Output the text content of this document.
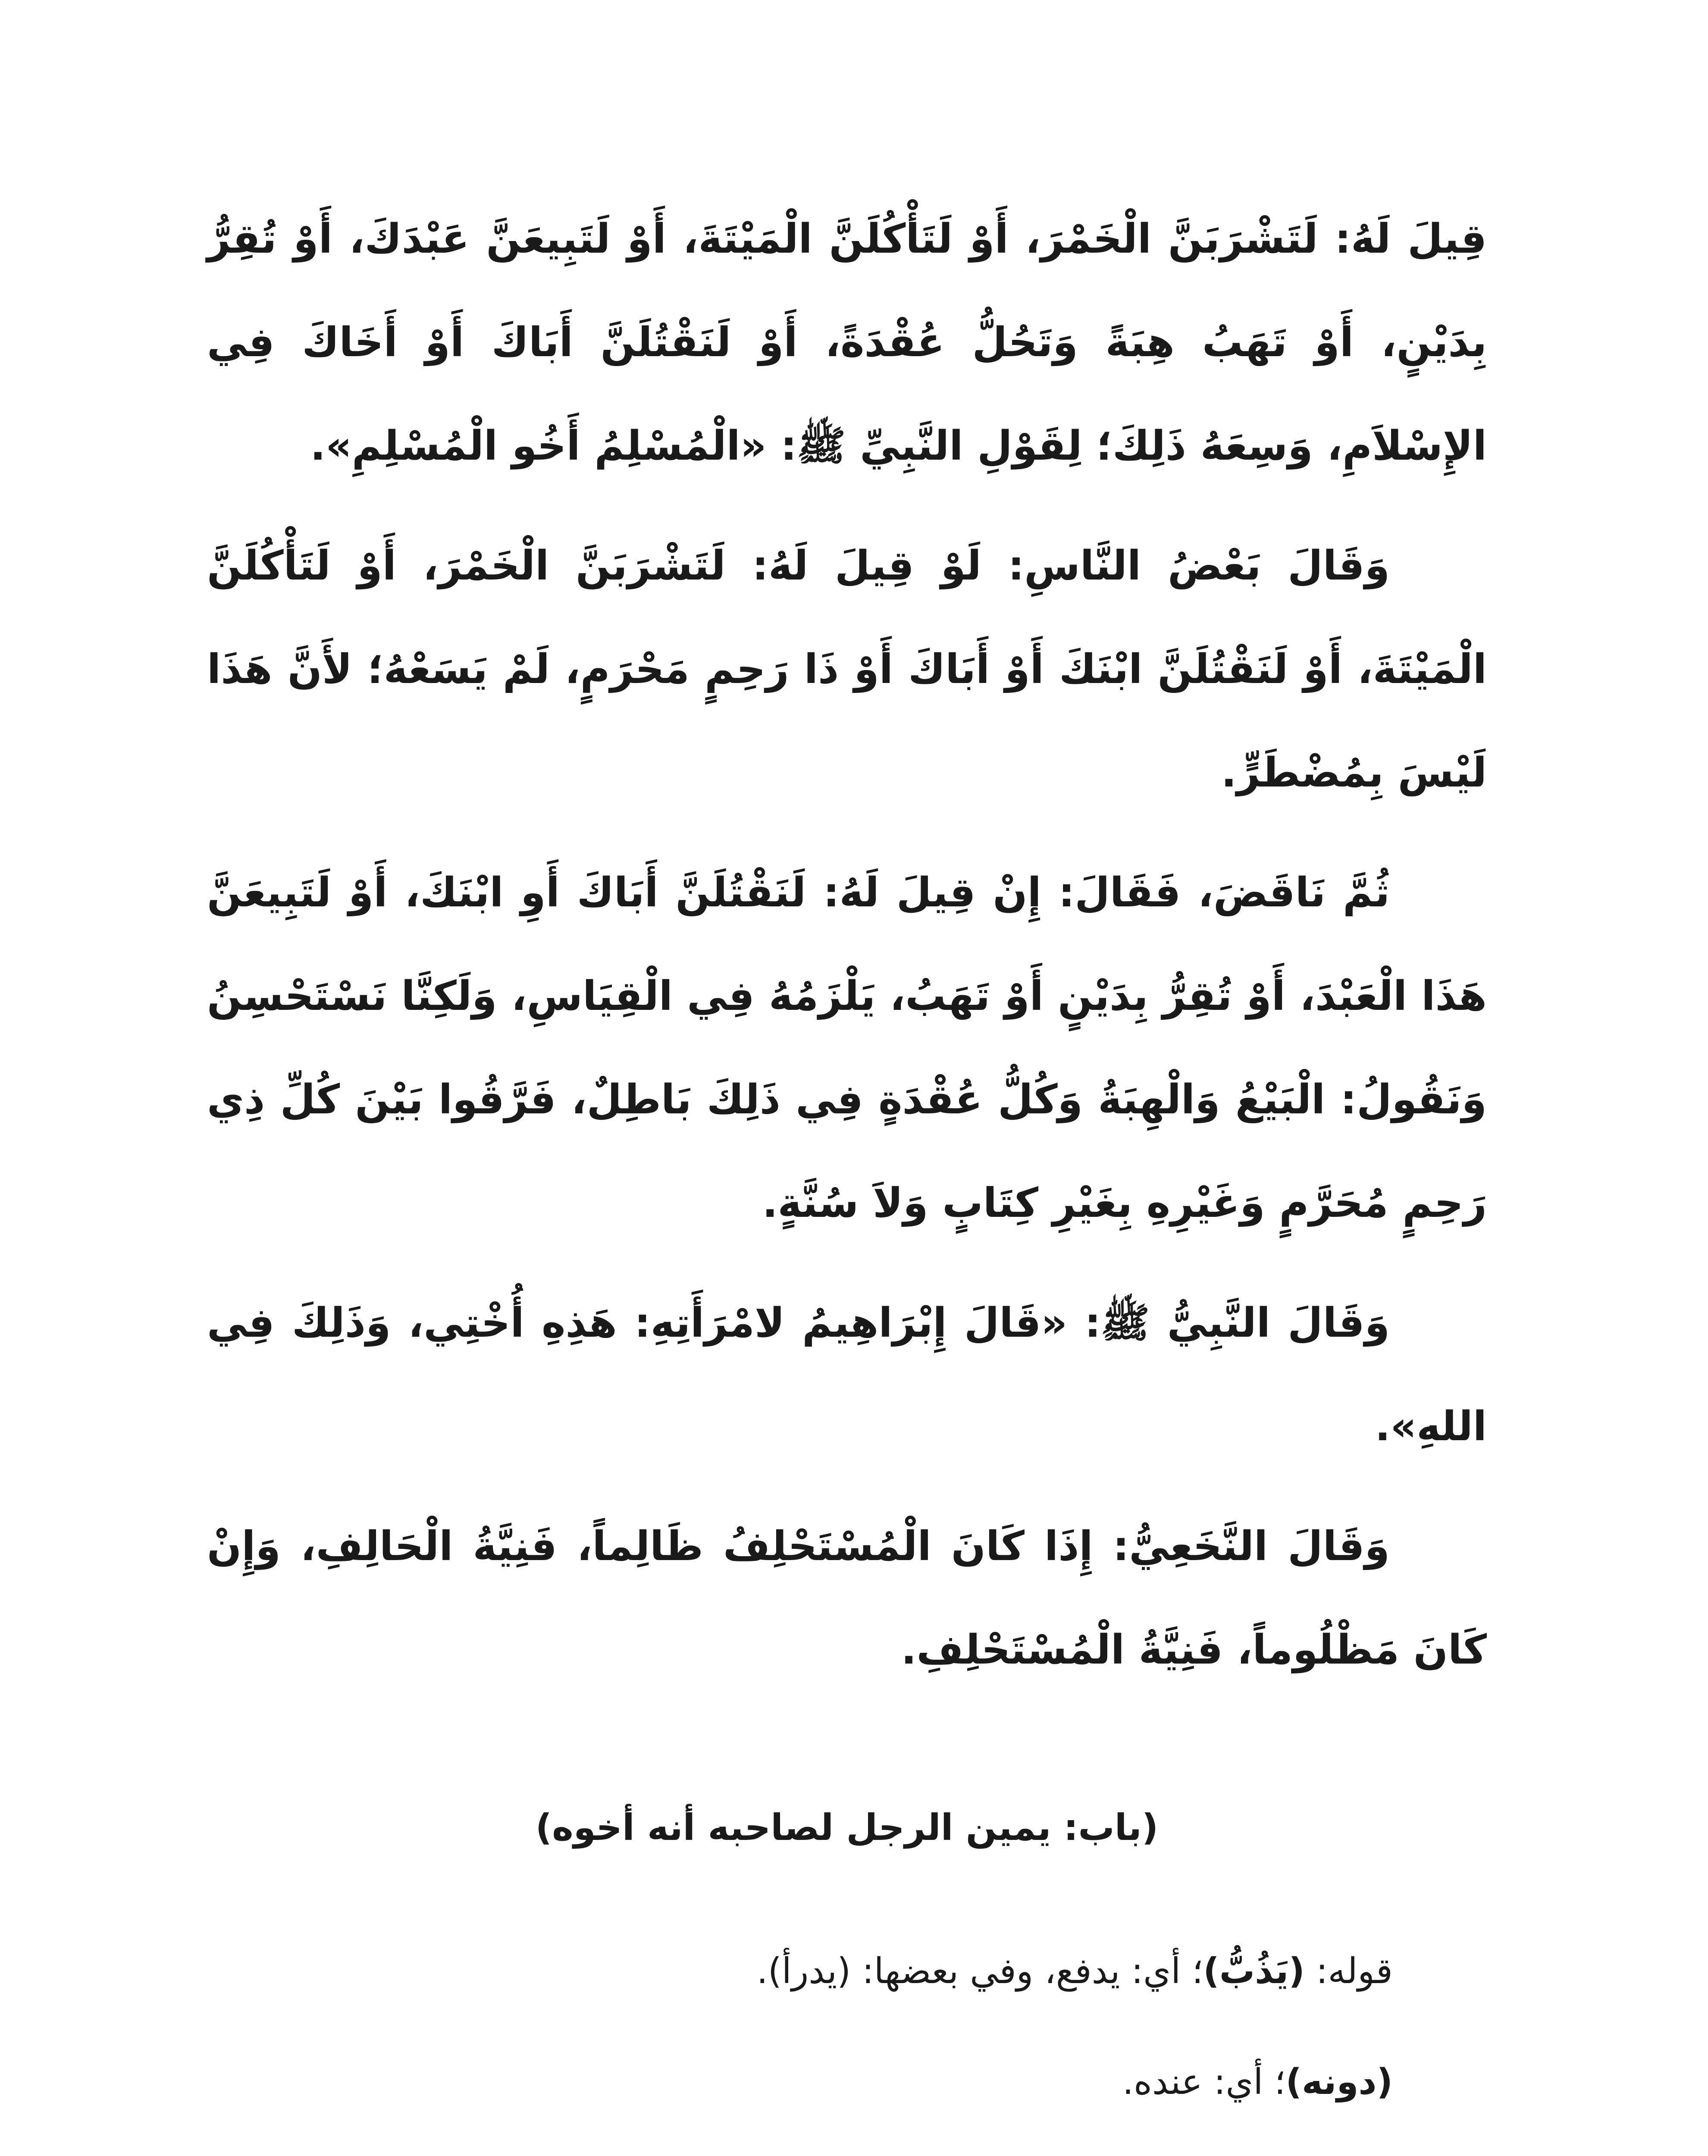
قِيلَ لَهُ: لَتَشْرَبَنَّ الْخَمْرَ، أَوْ لَتَأْكُلَنَّ الْمَيْتَةَ، أَوْ لَتَبِيعَنَّ عَبْدَكَ، أَوْ تُقِرُّ
بِدَيْنٍ، أَوْ تَهَبُ هِبَةً وَتَحُلُّ عُقْدَةً، أَوْ لَنَقْتُلَنَّ أَبَاكَ أَوْ أَخَاكَ فِي
الإِسْلاَمِ، وَسِعَهُ ذَلِكَ؛ لِقَوْلِ النَّبِيِّ ﷺ: «الْمُسْلِمُ أَخُو الْمُسْلِمِ».
وَقَالَ بَعْضُ النَّاسِ: لَوْ قِيلَ لَهُ: لَتَشْرَبَنَّ الْخَمْرَ، أَوْ لَتَأْكُلَنَّ
الْمَيْتَةَ، أَوْ لَنَقْتُلَنَّ ابْنَكَ أَوْ أَبَاكَ أَوْ ذَا رَحِمٍ مَحْرَمٍ، لَمْ يَسَعْهُ؛ لأَنَّ هَذَا
لَيْسَ بِمُضْطَرٍّ.
ثُمَّ نَاقَضَ، فَقَالَ: إِنْ قِيلَ لَهُ: لَنَقْتُلَنَّ أَبَاكَ أَوِ ابْنَكَ، أَوْ لَتَبِيعَنَّ
هَذَا الْعَبْدَ، أَوْ تُقِرُّ بِدَيْنٍ أَوْ تَهَبُ، يَلْزَمُهُ فِي الْقِيَاسِ، وَلَكِنَّا نَسْتَحْسِنُ
وَنَقُولُ: الْبَيْعُ وَالْهِبَةُ وَكُلُّ عُقْدَةٍ فِي ذَلِكَ بَاطِلٌ، فَرَّقُوا بَيْنَ كُلِّ ذِي
رَحِمٍ مُحَرَّمٍ وَغَيْرِهِ بِغَيْرِ كِتَابٍ وَلاَ سُنَّةٍ.
وَقَالَ النَّبِيُّ ﷺ: «قَالَ إِبْرَاهِيمُ لامْرَأَتِهِ: هَذِهِ أُخْتِي، وَذَلِكَ فِي
اللهِ».
وَقَالَ النَّخَعِيُّ: إِذَا كَانَ الْمُسْتَحْلِفُ ظَالِماً، فَنِيَّةُ الْحَالِفِ، وَإِنْ
كَانَ مَظْلُوماً، فَنِيَّةُ الْمُسْتَحْلِفِ.
(باب: يمين الرجل لصاحبه أنه أخوه)
قوله: (يَذُبُّ)؛ أي: يدفع، وفي بعضها: (يدرأ).
(دونه)؛ أي: عنده.
